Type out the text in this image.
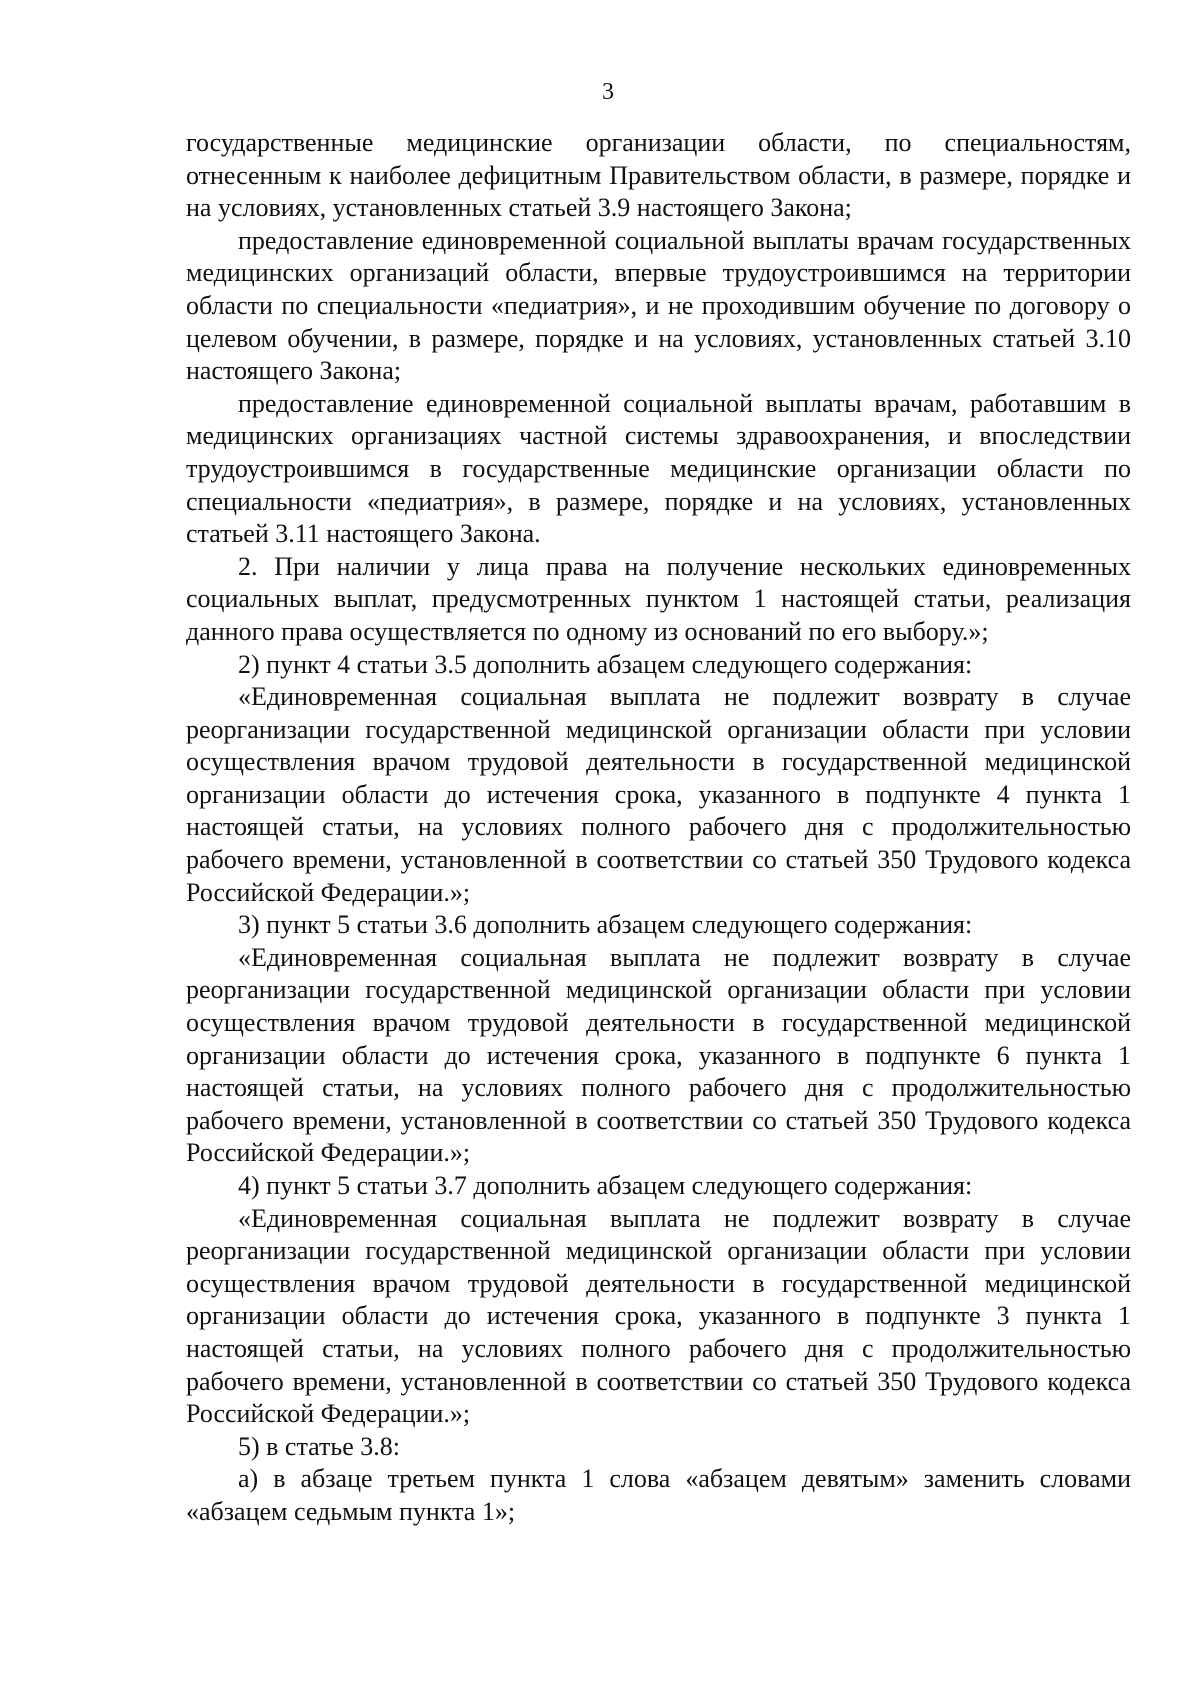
3

государственные медицинские организации области, по специальностям, отнесенным к наиболее дефицитным Правительством области, в размере, порядке и на условиях, установленных статьей 3.9 настоящего Закона;

предоставление единовременной социальной выплаты врачам государственных медицинских организаций области, впервые трудоустроившимся на территории области по специальности «педиатрия», и не проходившим обучение по договору о целевом обучении, в размере, порядке и на условиях, установленных статьей 3.10 настоящего Закона;

предоставление единовременной социальной выплаты врачам, работавшим в медицинских организациях частной системы здравоохранения, и впоследствии трудоустроившимся в государственные медицинские организации области по специальности «педиатрия», в размере, порядке и на условиях, установленных статьей 3.11 настоящего Закона.

2. При наличии у лица права на получение нескольких единовременных социальных выплат, предусмотренных пунктом 1 настоящей статьи, реализация данного права осуществляется по одному из оснований по его выбору.»;

2) пункт 4 статьи 3.5 дополнить абзацем следующего содержания:

«Единовременная социальная выплата не подлежит возврату в случае реорганизации государственной медицинской организации области при условии осуществления врачом трудовой деятельности в государственной медицинской организации области до истечения срока, указанного в подпункте 4 пункта 1 настоящей статьи, на условиях полного рабочего дня с продолжительностью рабочего времени, установленной в соответствии со статьей 350 Трудового кодекса Российской Федерации.»;

3) пункт 5 статьи 3.6 дополнить абзацем следующего содержания:

«Единовременная социальная выплата не подлежит возврату в случае реорганизации государственной медицинской организации области при условии осуществления врачом трудовой деятельности в государственной медицинской организации области до истечения срока, указанного в подпункте 6 пункта 1 настоящей статьи, на условиях полного рабочего дня с продолжительностью рабочего времени, установленной в соответствии со статьей 350 Трудового кодекса Российской Федерации.»;

4) пункт 5 статьи 3.7 дополнить абзацем следующего содержания:

«Единовременная социальная выплата не подлежит возврату в случае реорганизации государственной медицинской организации области при условии осуществления врачом трудовой деятельности в государственной медицинской организации области до истечения срока, указанного в подпункте 3 пункта 1 настоящей статьи, на условиях полного рабочего дня с продолжительностью рабочего времени, установленной в соответствии со статьей 350 Трудового кодекса Российской Федерации.»;

5) в статье 3.8:

а) в абзаце третьем пункта 1 слова «абзацем девятым» заменить словами «абзацем седьмым пункта 1»;
